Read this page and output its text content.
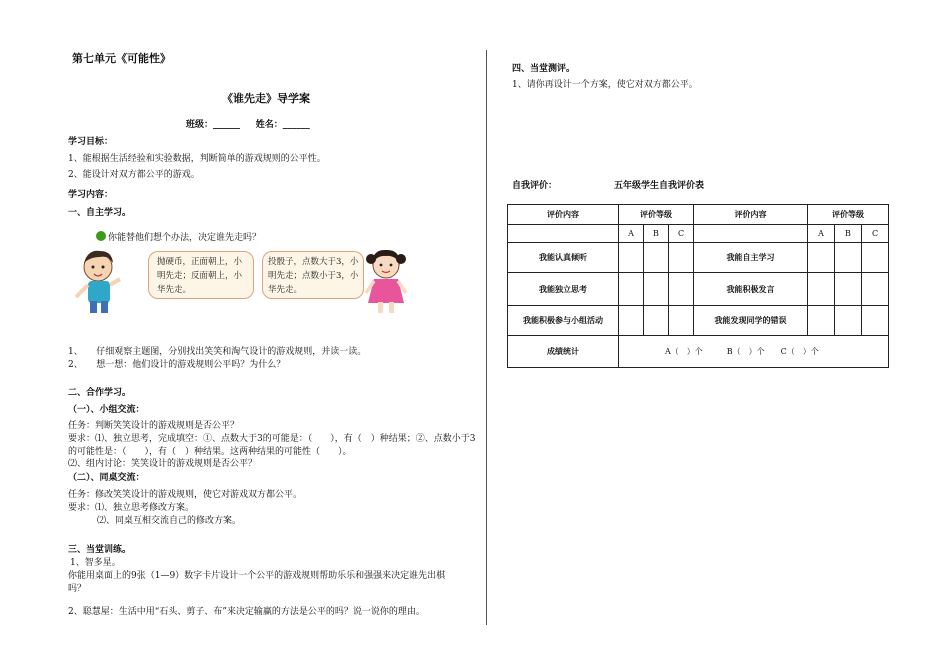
第七单元《可能性》
《谁先走》导学案
班级：______ 姓名：______
学习目标：
1、能根据生活经验和实验数据，判断简单的游戏规则的公平性。
2、能设计对双方都公平的游戏。
学习内容：
一、自主学习。
你能替他们想个办法，决定谁先走吗？
抛硬币，正面朝上，小明先走；反面朝上，小华先走。
投骰子，点数大于3，小明先走；点数小于3，小华先走。
1、　　仔细观察主题图，分别找出笑笑和淘气设计的游戏规则，并读一读。
2、　　想一想：他们设计的游戏规则公平吗？为什么？
二、合作学习。
（一）、小组交流：
任务：判断笑笑设计的游戏规则是否公平？
要求：⑴、独立思考，完成填空：①、点数大于3的可能是：（　　），有（　）种结果；②、点数小于3
的可能性是：（　　），有（　）种结果。这两种结果的可能性（　　）。
⑵、组内讨论：笑笑设计的游戏规则是否公平？
（二）、同桌交流：
任务：修改笑笑设计的游戏规则，使它对游戏双方都公平。
要求：⑴、独立思考修改方案。
⑵、同桌互相交流自己的修改方案。
三、当堂训练。
1、智多星。
你能用桌面上的9张（1—9）数字卡片设计一个公平的游戏规则帮助乐乐和强强来决定谁先出棋
吗？
2、聪慧屋：生活中用“石头、剪子、布”来决定输赢的方法是公平的吗？说一说你的理由。
四、当堂测评。
1、请你再设计一个方案，使它对双方都公平。
自我评价：	五年级学生自我评价表
评价内容	评价等级			评价内容	评价等级		
	A	B	C		A	B	C
我能认真倾听				我能自主学习			
我能独立思考				我能积极发言			
我能积极参与小组活动				我能发现同学的错误			
成绩统计	A（　）个　　　B（　）个　　C（　）个						
